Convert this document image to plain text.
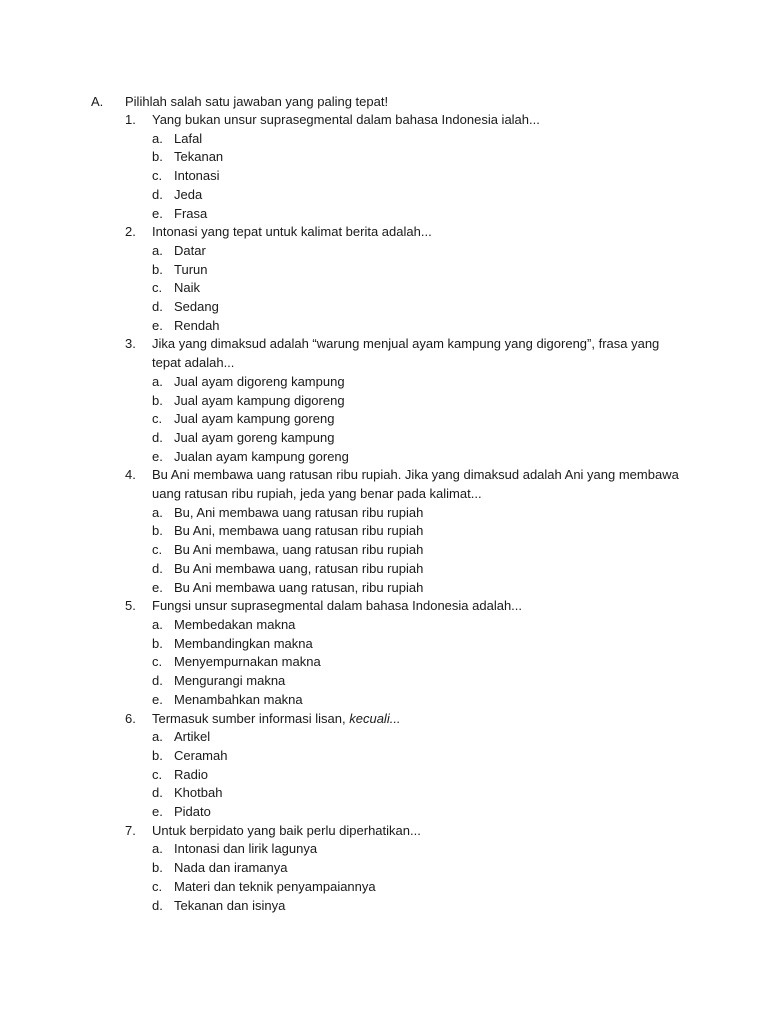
A.	Pilihlah salah satu jawaban yang paling tepat!
1.	Yang bukan unsur suprasegmental dalam bahasa Indonesia ialah...
a. Lafal
b. Tekanan
c. Intonasi
d. Jeda
e. Frasa
2.	Intonasi yang tepat untuk kalimat berita adalah...
a. Datar
b. Turun
c. Naik
d. Sedang
e. Rendah
3.	Jika yang dimaksud adalah “warung menjual ayam kampung yang digoreng”, frasa yang tepat adalah...
a. Jual ayam digoreng kampung
b. Jual ayam kampung digoreng
c. Jual ayam kampung goreng
d. Jual ayam goreng kampung
e. Jualan ayam kampung goreng
4.	Bu Ani membawa uang ratusan ribu rupiah. Jika yang dimaksud adalah Ani yang membawa uang ratusan ribu rupiah, jeda yang benar pada kalimat...
a. Bu, Ani membawa uang ratusan ribu rupiah
b. Bu Ani, membawa uang ratusan ribu rupiah
c. Bu Ani membawa, uang ratusan ribu rupiah
d. Bu Ani membawa uang, ratusan ribu rupiah
e. Bu Ani membawa uang ratusan, ribu rupiah
5.	Fungsi unsur suprasegmental dalam bahasa Indonesia adalah...
a. Membedakan makna
b. Membandingkan makna
c. Menyempurnakan makna
d. Mengurangi makna
e. Menambahkan makna
6.	Termasuk sumber informasi lisan, kecuali...
a. Artikel
b. Ceramah
c. Radio
d. Khotbah
e. Pidato
7.	Untuk berpidato yang baik perlu diperhatikan...
a. Intonasi dan lirik lagunya
b. Nada dan iramanya
c. Materi dan teknik penyampaiannya
d. Tekanan dan isinya
